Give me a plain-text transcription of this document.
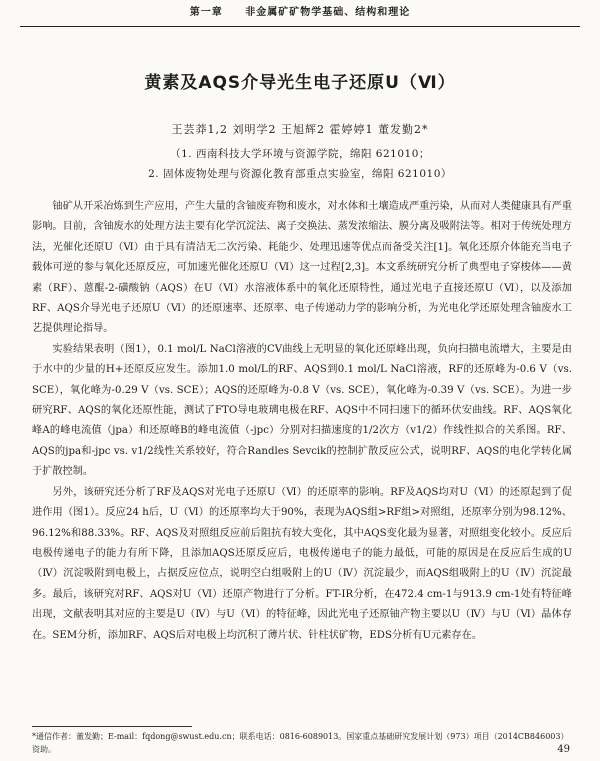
第一章 非金属矿矿物学基础、结构和理论
黄素及AQS介导光生电子还原U（Ⅵ）
王芸莽1,2 刘明学2 王旭辉2 霍婷婷1 董发勤2*
（1. 西南科技大学环境与资源学院，绵阳 621010；
2. 固体废物处理与资源化教育部重点实验室，绵阳 621010）

铀矿从开采冶炼到生产应用，产生大量的含铀废弃物和废水，对水体和土壤造成严重污染，从而对人类健康具有严重影响。目前，含铀废水的处理方法主要有化学沉淀法、离子交换法、蒸发浓缩法、膜分离及吸附法等。相对于传统处理方法，光催化还原U（Ⅵ）由于具有清洁无二次污染、耗能少、处理迅速等优点而备受关注[1]。氧化还原介体能充当电子载体可逆的参与氧化还原反应，可加速光催化还原U（Ⅵ）这一过程[2,3]。本文系统研究分析了典型电子穿梭体——黄素（RF）、蒽醌-2-磺酸钠（AQS）在U（Ⅵ）水溶液体系中的氧化还原特性，通过光电子直接还原U（Ⅵ），以及添加RF、AQS介导光电子还原U（Ⅵ）的还原速率、还原率、电子传递动力学的影响分析，为光电化学还原处理含铀废水工艺提供理论指导。

实验结果表明（图1），0.1 mol/L NaCl溶液的CV曲线上无明显的氧化还原峰出现，负向扫描电流增大，主要是由于水中的少量的H+还原反应发生。添加1.0 mol/L的RF、AQS到0.1 mol/L NaCl溶液，RF的还原峰为-0.6 V（vs. SCE），氧化峰为-0.29 V（vs. SCE）；AQS的还原峰为-0.8 V（vs. SCE），氧化峰为-0.39 V（vs. SCE）。为进一步研究RF、AQS的氧化还原性能，测试了FTO导电玻璃电极在RF、AQS中不同扫速下的循环伏安曲线。RF、AQS氧化峰A的峰电流值（jpa）和还原峰B的峰电流值（-jpc）分别对扫描速度的1/2次方（v1/2）作线性拟合的关系图。RF、AQS的jpa和-jpc vs. v1/2线性关系较好，符合Randles Sevcik的控制扩散反应公式，说明RF、AQS的电化学转化属于扩散控制。

另外，该研究还分析了RF及AQS对光电子还原U（Ⅵ）的还原率的影响。RF及AQS均对U（Ⅵ）的还原起到了促进作用（图1）。反应24 h后，U（Ⅵ）的还原率均大于90%，表现为AQS组>RF组>对照组，还原率分别为98.12%、96.12%和88.33%。RF、AQS及对照组反应前后阻抗有较大变化，其中AQS变化最为显著，对照组变化较小。反应后电极传递电子的能力有所下降，且添加AQS还原反应后，电极传递电子的能力最低，可能的原因是在反应后生成的U（Ⅳ）沉淀吸附到电极上，占据反应位点，说明空白组吸附上的U（Ⅳ）沉淀最少，而AQS组吸附上的U（Ⅳ）沉淀最多。最后，该研究对RF、AQS对U（Ⅵ）还原产物进行了分析。FT-IR分析，在472.4 cm-1与913.9 cm-1处有特征峰出现，文献表明其对应的主要是U（Ⅳ）与U（Ⅵ）的特征峰，因此光电子还原铀产物主要以U（Ⅳ）与U（Ⅵ）晶体存在。SEM分析，添加RF、AQS后对电极上均沉积了薄片状、针柱状矿物，EDS分析有U元素存在。

*通信作者：董发勤；E-mail：fqdong@swust.edu.cn；联系电话：0816-6089013。国家重点基础研究发展计划（973）项目（2014CB846003）资助。	49
